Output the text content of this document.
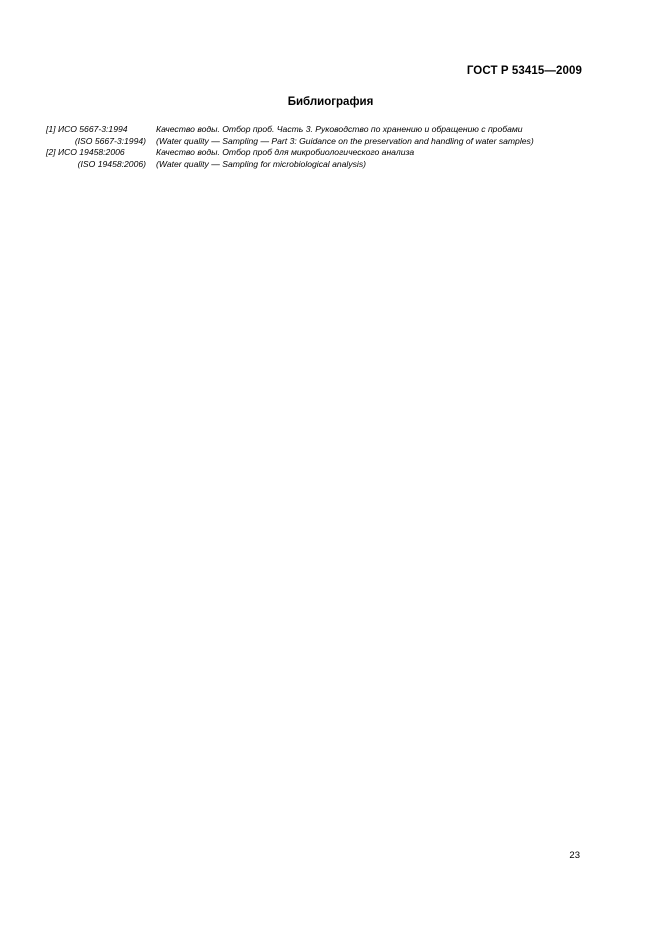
ГОСТ Р 53415—2009
Библиография
[1] ИСО 5667-3:1994	Качество воды. Отбор проб. Часть 3. Руководство по хранению и обращению с пробами
(ISO 5667-3:1994) (Water quality — Sampling — Part 3: Guidance on the preservation and handling of water samples)
[2] ИСО 19458:2006	Качество воды. Отбор проб для микробиологического анализа
(ISO 19458:2006) (Water quality — Sampling for microbiological analysis)
23
